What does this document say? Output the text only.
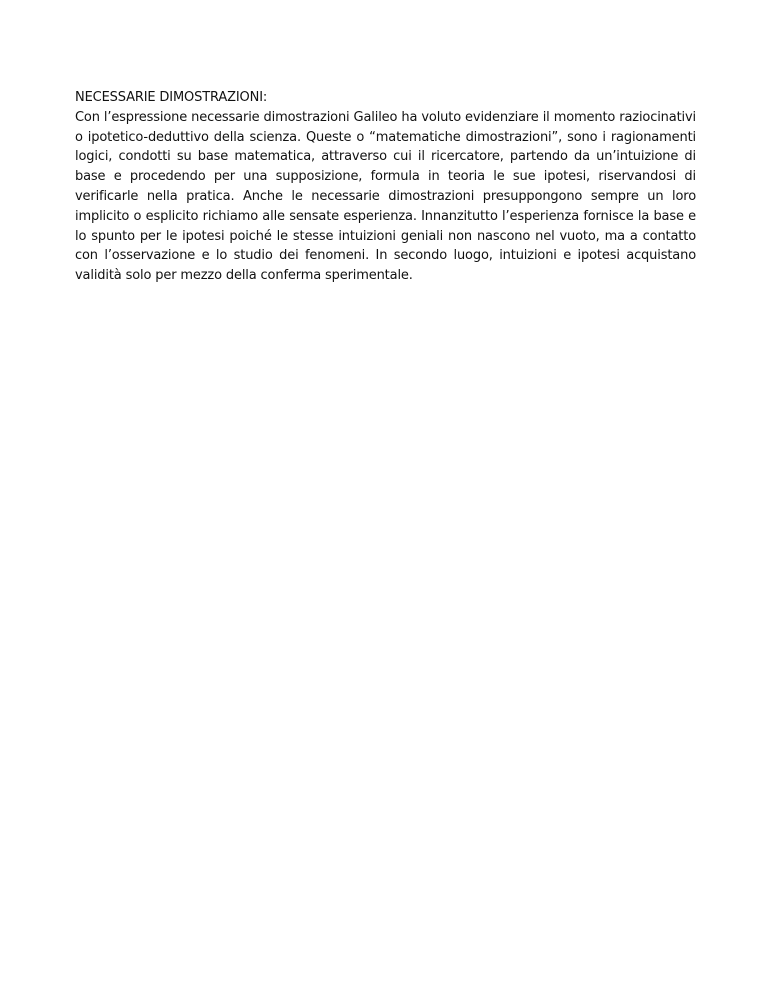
NECESSARIE DIMOSTRAZIONI:

Con l’espressione necessarie dimostrazioni Galileo ha voluto evidenziare il momento raziocinativi o ipotetico-deduttivo della scienza. Queste o “matematiche dimostrazioni”, sono i ragionamenti logici, condotti su base matematica, attraverso cui il ricercatore, partendo da un’intuizione di base e procedendo per una supposizione, formula in teoria le sue ipotesi, riservandosi di verificarle nella pratica. Anche le necessarie dimostrazioni presuppongono sempre un loro implicito o esplicito richiamo alle sensate esperienza. Innanzitutto l’esperienza fornisce la base e lo spunto per le ipotesi poiché le stesse intuizioni geniali non nascono nel vuoto, ma a contatto con l’osservazione e lo studio dei fenomeni. In secondo luogo, intuizioni e ipotesi acquistano validità solo per mezzo della conferma sperimentale.
